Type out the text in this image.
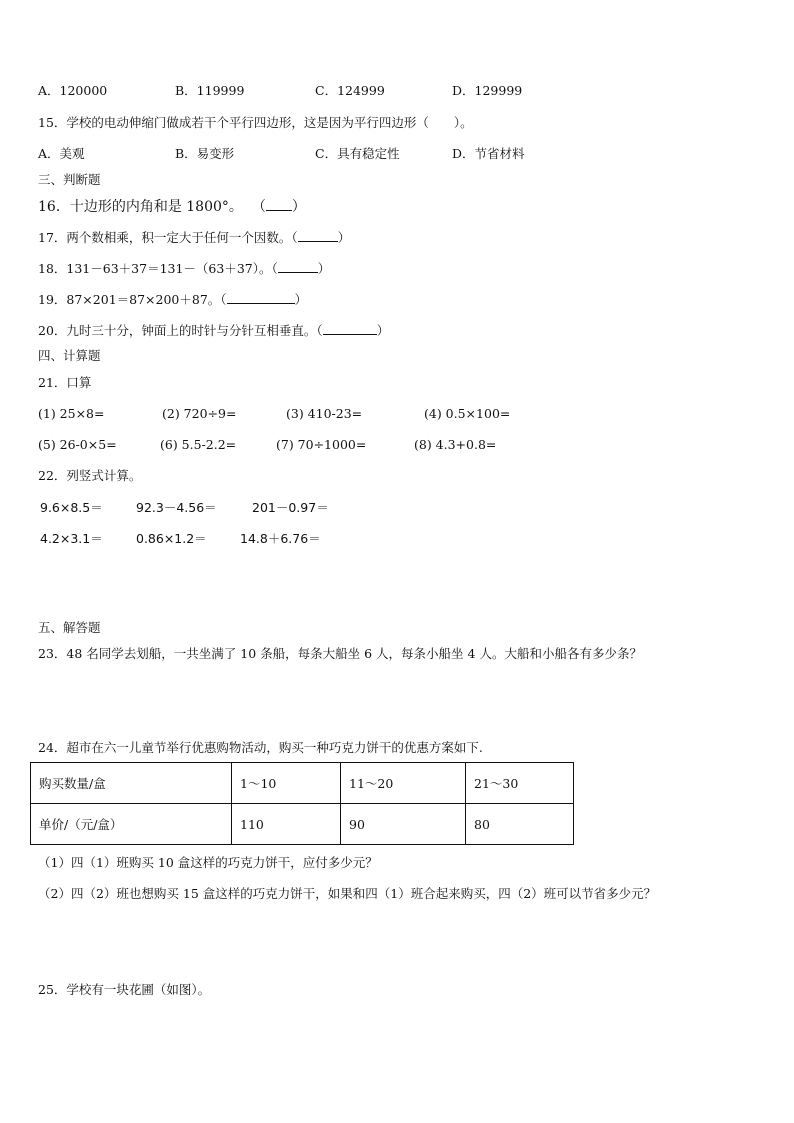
A．120000	B．119999	C．124999	D．129999
15．学校的电动伸缩门做成若干个平行四边形，这是因为平行四边形（　　）。
A．美观	B．易变形	C．具有稳定性	D．节省材料
三、判断题
16．十边形的内角和是 1800°。 （ ）
17．两个数相乘，积一定大于任何一个因数。（	）
18．131－63＋37＝131－（63＋37）。（	）
19．87×201＝87×200＋87。（	）
20．九时三十分，钟面上的时针与分针互相垂直。（	）
四、计算题
21．口算
(1) 25×8=	(2) 720÷9=	(3) 410-23=	(4) 0.5×100=
(5) 26-0×5=	(6) 5.5-2.2=	(7) 70÷1000=	(8) 4.3+0.8=
22．列竖式计算。
9.6×8.5＝	92.3－4.56＝	201－0.97＝
4.2×3.1＝	0.86×1.2＝	14.8＋6.76＝
五、解答题
23．48 名同学去划船，一共坐满了 10 条船，每条大船坐 6 人，每条小船坐 4 人。大船和小船各有多少条？
24．超市在六一儿童节举行优惠购物活动，购买一种巧克力饼干的优惠方案如下.
购买数量/盒	1～10	11～20	21～30
单价/（元/盒）	110	90	80
（1）四（1）班购买 10 盒这样的巧克力饼干，应付多少元？
（2）四（2）班也想购买 15 盒这样的巧克力饼干，如果和四（1）班合起来购买，四（2）班可以节省多少元？
25．学校有一块花圃（如图）。
